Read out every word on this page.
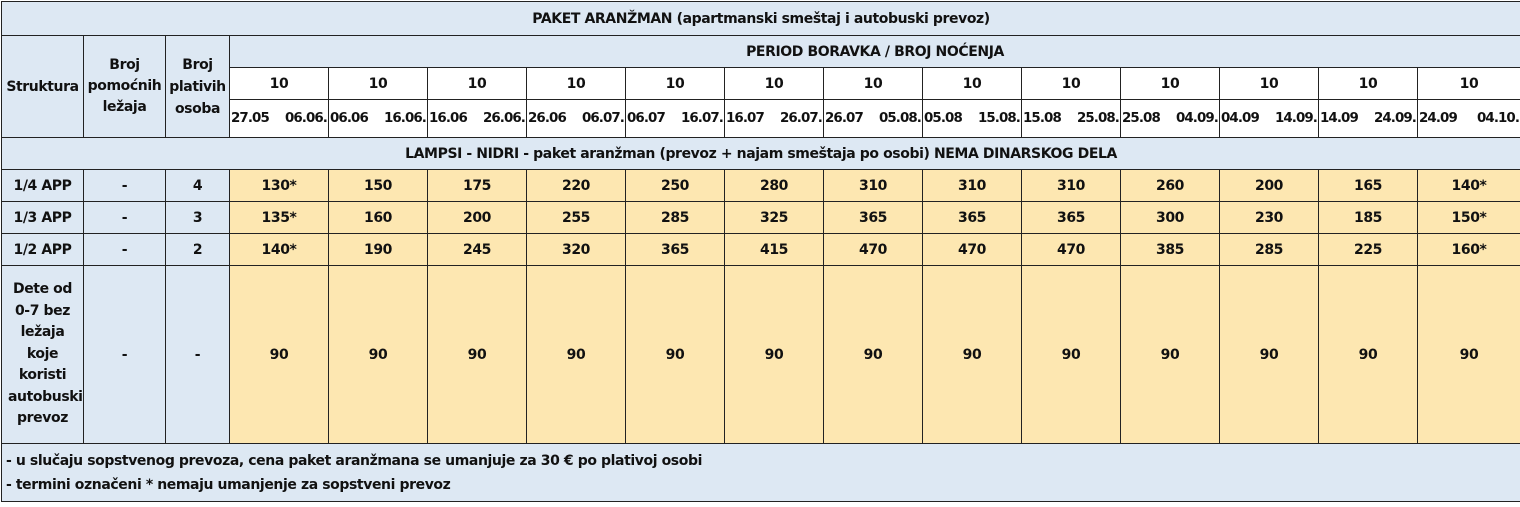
PAKET ARANŽMAN (apartmanski smeštaj i autobuski prevoz)															
Struktura	Broj pomoćnih ležaja	Broj plativih osoba	PERIOD BORAVKA / BROJ NOĆENJA												
			10	10	10	10	10	10	10	10	10	10	10	10	10

			27.05 06.06.	06.06 16.06.	16.06 26.06.	26.06 06.07.	06.07 16.07.	16.07 26.07.	26.07 05.08.	05.08 15.08.	15.08 25.08.	25.08 04.09.	04.09 14.09.	14.09 24.09.	24.09 04.10.

LAMPSI - NIDRI - paket aranžman (prevoz + najam smeštaja po osobi) NEMA DINARSKOG DELA															
1/4 APP	-	4	130*	150	175	220	250	280	310	310	310	260	200	165	140*
1/3 APP	-	3	135*	160	200	255	285	325	365	365	365	300	230	185	150*
1/2 APP	-	2	140*	190	245	320	365	415	470	470	470	385	285	225	160*
Dete od 0-7 bez ležaja koje koristi autobuski prevoz	-	-	90	90	90	90	90	90	90	90	90	90	90	90	90

- u slučaju sopstvenog prevoza, cena paket aranžmana se umanjuje za 30 € po plativoj osobi
- termini označeni * nemaju umanjenje za sopstveni prevoz															
